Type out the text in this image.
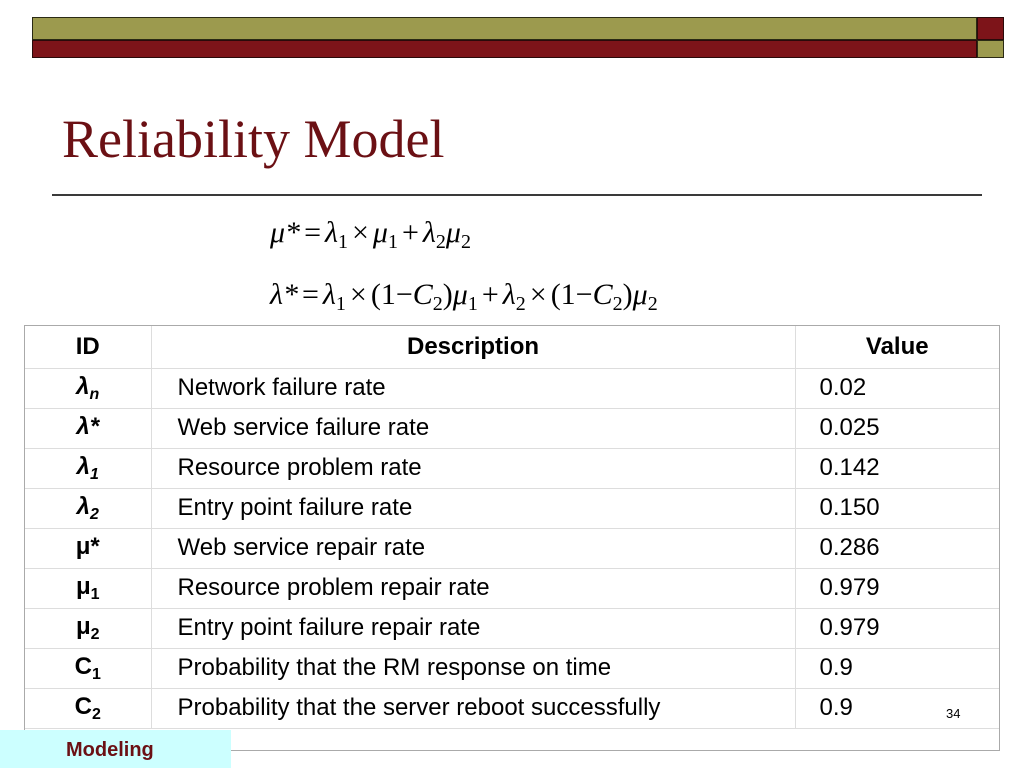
Reliability Model
$\mu* = \lambda_1 \times \mu_1 + \lambda_2\mu_2$
$\lambda* = \lambda_1 \times (1-C_2)\mu_1 + \lambda_2 \times (1-C_2)\mu_2$
ID	Description	Value
$\lambda_n$	Network failure rate	0.02
λ*	Web service failure rate	0.025
$\lambda_1$	Resource problem rate	0.142
$\lambda_2$	Entry point failure rate	0.150
μ*	Web service repair rate	0.286
$\mu_1$	Resource problem repair rate	0.979
$\mu_2$	Entry point failure repair rate	0.979
$C_1$	Probability that the RM response on time	0.9
$C_2$	Probability that the server reboot successfully	0.9	34
Modeling
